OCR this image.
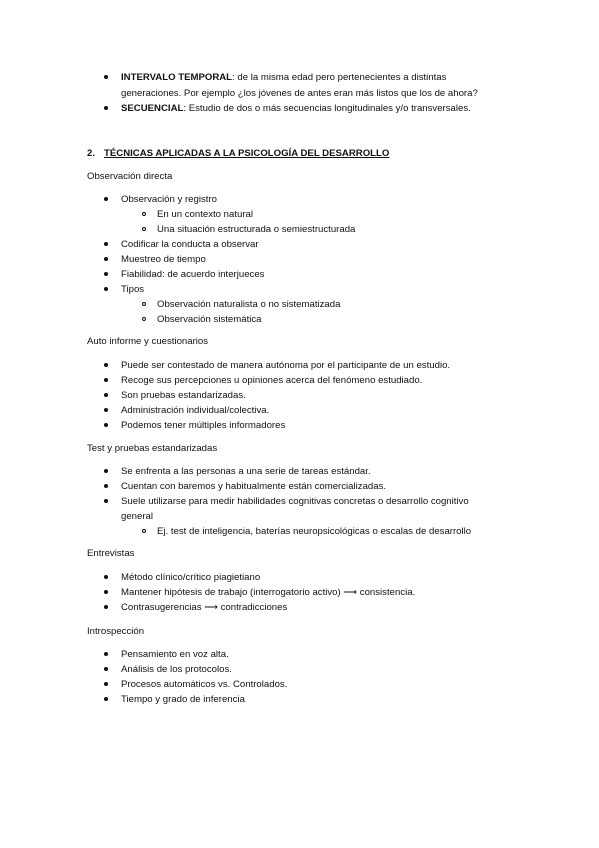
INTERVALO TEMPORAL: de la misma edad pero pertenecientes a distintas
generaciones. Por ejemplo ¿los jóvenes de antes eran más listos que los de ahora?
SECUENCIAL: Estudio de dos o más secuencias longitudinales y/o transversales.
2. TÉCNICAS APLICADAS A LA PSICOLOGÍA DEL DESARROLLO
Observación directa
Observación y registro
En un contexto natural
Una situación estructurada o semiestructurada
Codificar la conducta a observar
Muestreo de tiempo
Fiabilidad: de acuerdo interjueces
Tipos
Observación naturalista o no sistematizada
Observación sistemática
Auto informe y cuestionarios
Puede ser contestado de manera autónoma por el participante de un estudio.
Recoge sus percepciones u opiniones acerca del fenómeno estudiado.
Son pruebas estandarizadas.
Administración individual/colectiva.
Podemos tener múltiples informadores
Test y pruebas estandarizadas
Se enfrenta a las personas a una serie de tareas estándar.
Cuentan con baremos y habitualmente están comercializadas.
Suele utilizarse para medir habilidades cognitivas concretas o desarrollo cognitivo
general
Ej. test de inteligencia, baterías neuropsicológicas o escalas de desarrollo
Entrevistas
Método clínico/crítico piagietiano
Mantener hipótesis de trabajo (interrogatorio activo) ⟶ consistencia.
Contrasugerencias ⟶ contradicciones
Introspección
Pensamiento en voz alta.
Análisis de los protocolos.
Procesos automáticos vs. Controlados.
Tiempo y grado de inferencia
